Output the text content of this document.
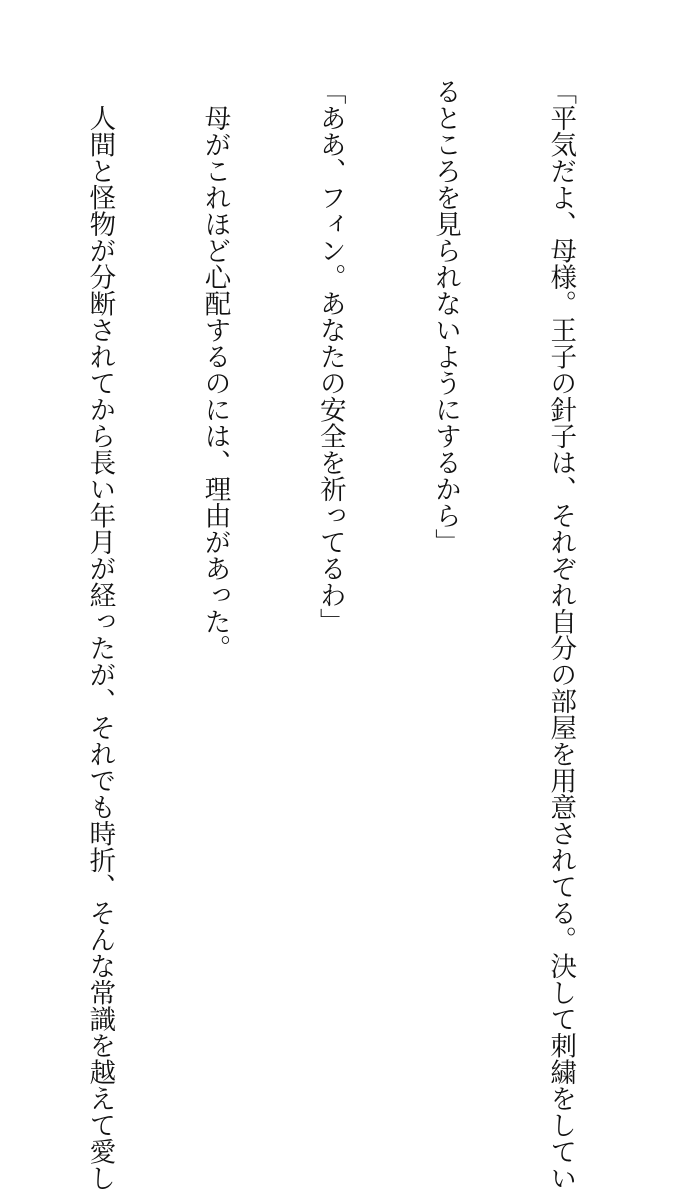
「平気だよ、母様。王子の針子は、それぞれ自分の部屋を用意されてる。決して刺繍をしてい

るところを見られないようにするから」

「ああ、フィン。あなたの安全を祈ってるわ」

　母がこれほど心配するのには、理由があった。

　人間と怪物が分断されてから長い年月が経ったが、それでも時折、そんな常識を越えて愛し
